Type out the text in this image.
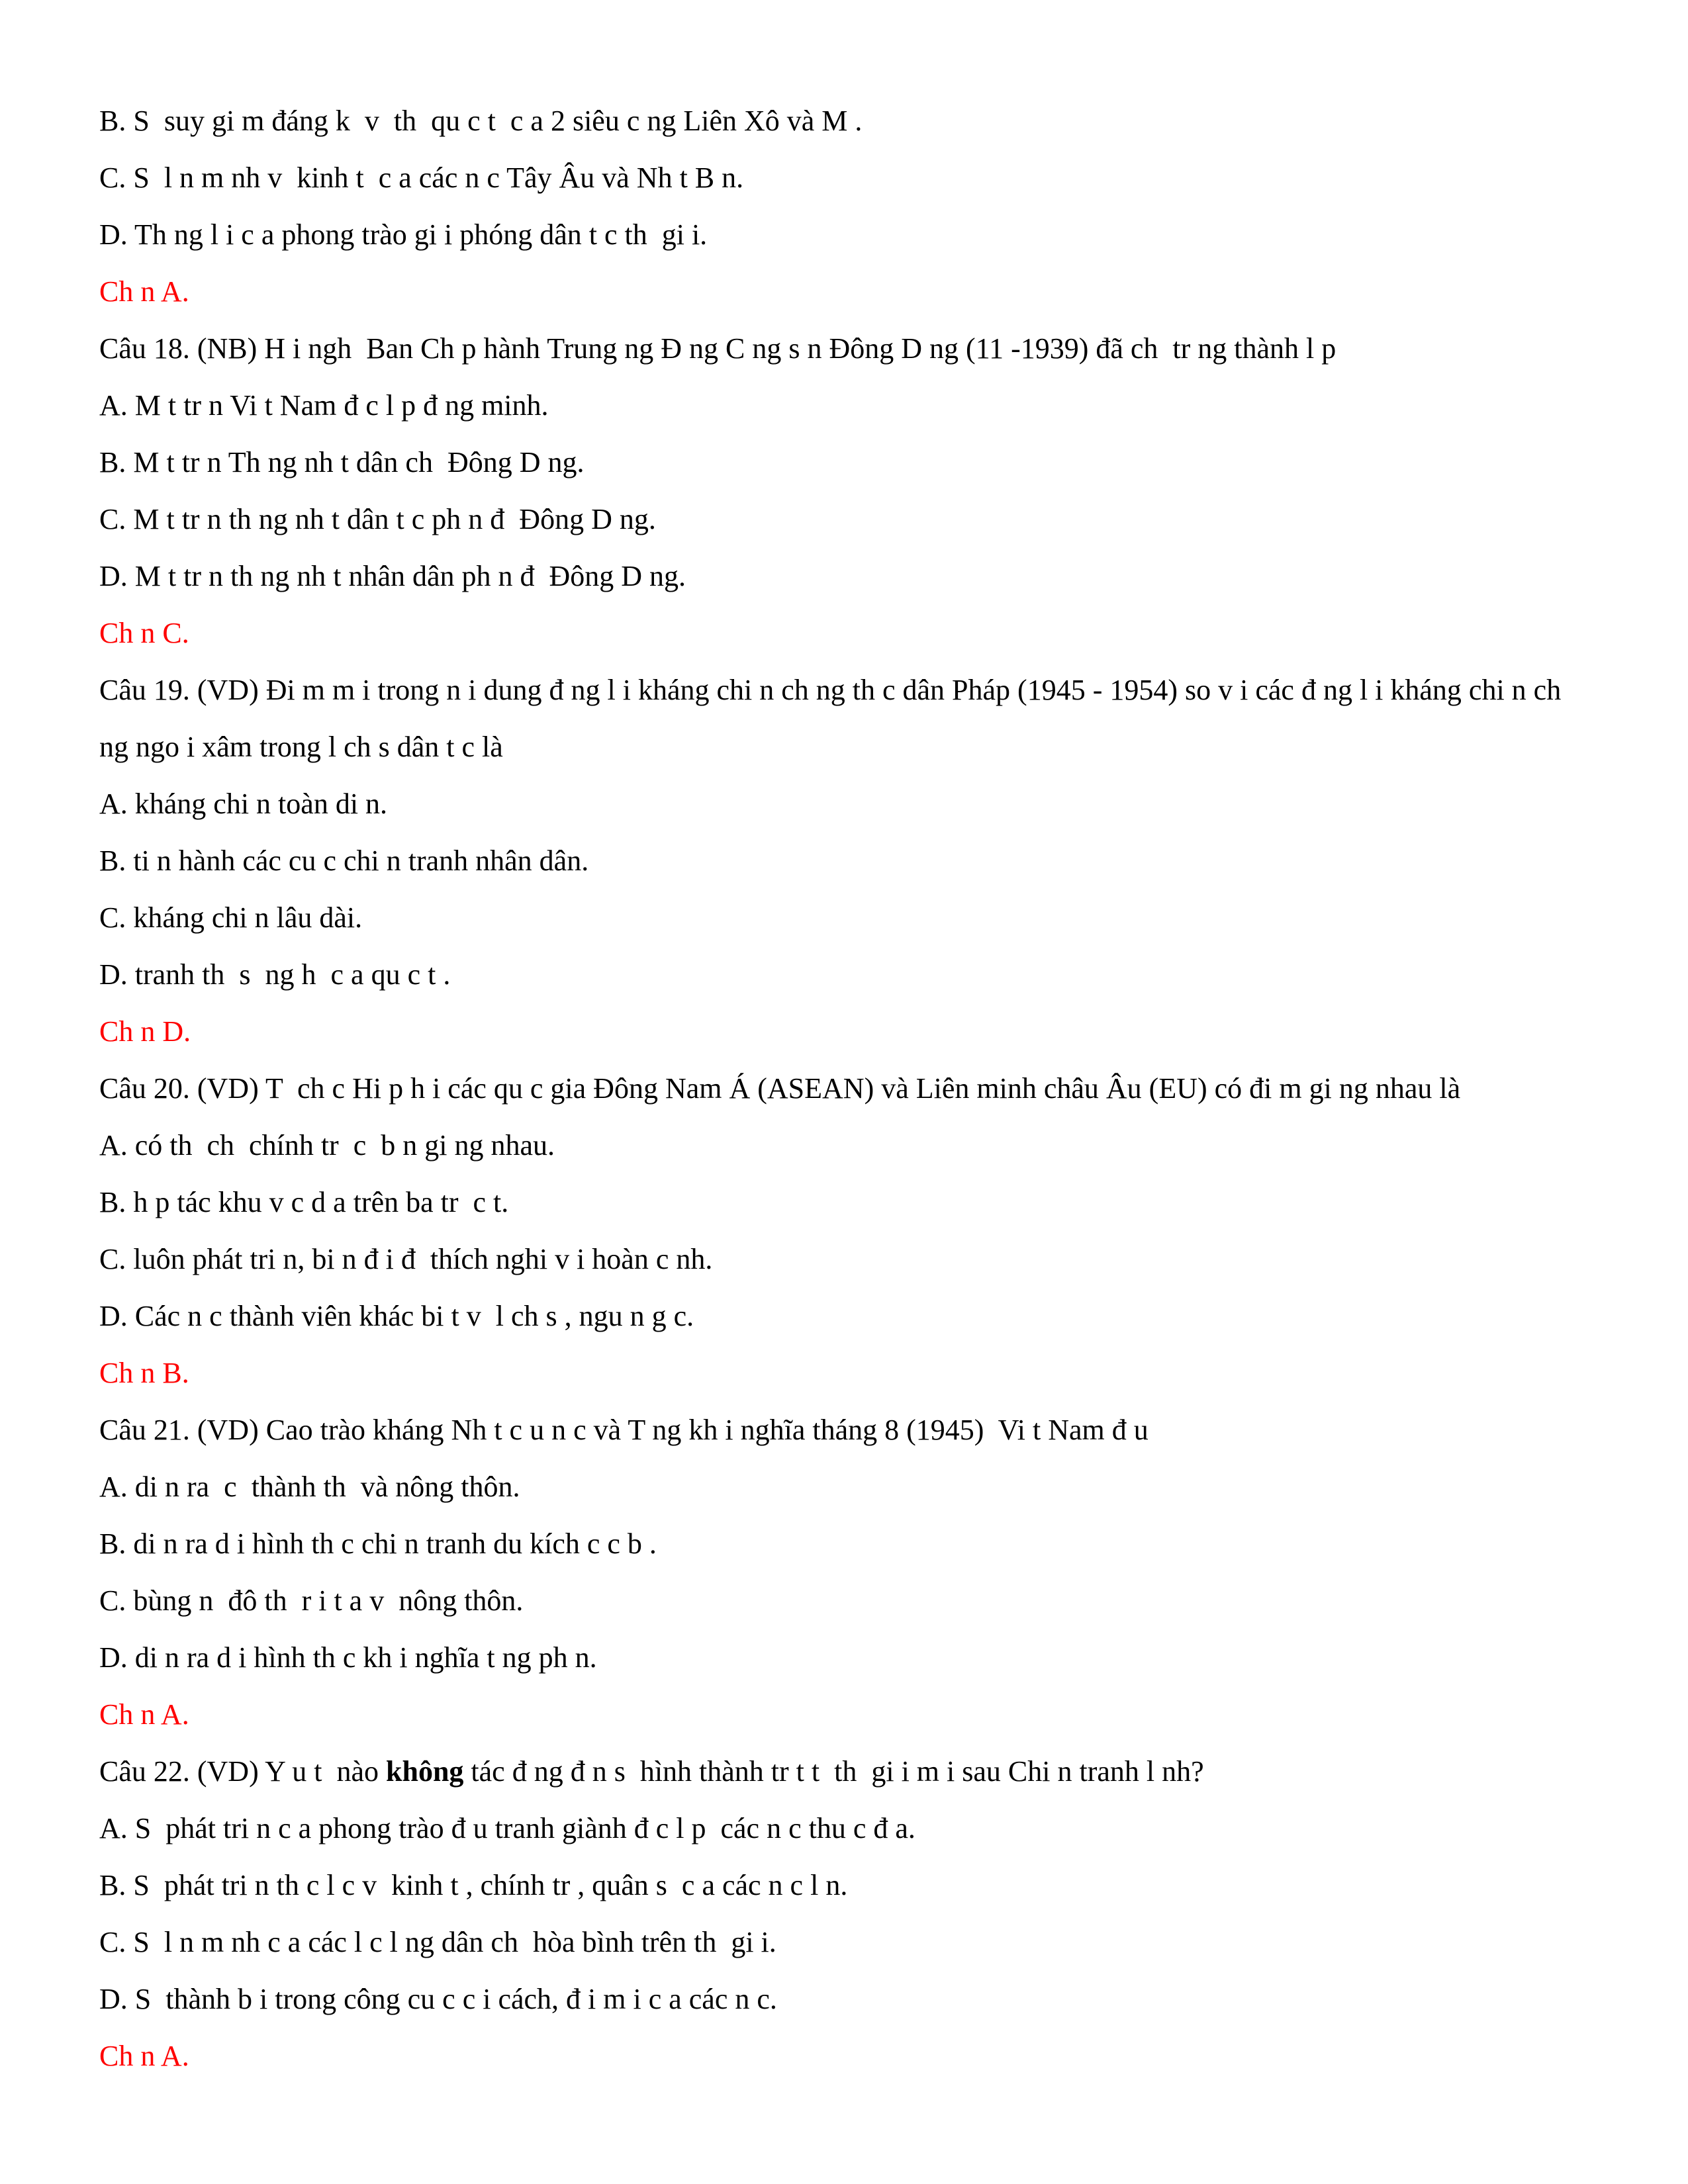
B. S  suy gi m đáng k  v  th  qu c t  c a 2 siêu c ng Liên Xô và M .
C. S  l n m nh v  kinh t  c a các n c Tây Âu và Nh t B n.
D. Th ng l i c a phong trào gi i phóng dân t c th  gi i.
Ch n A.
Câu 18. (NB) H i ngh  Ban Ch p hành Trung ng Đ ng C ng s n Đông D ng (11 -1939) đã ch  tr ng thành l p
A. M t tr n Vi t Nam đ c l p đ ng minh.
B. M t tr n Th ng nh t dân ch  Đông D ng.
C. M t tr n th ng nh t dân t c ph n đ  Đông D ng.
D. M t tr n th ng nh t nhân dân ph n đ  Đông D ng.
Ch n C.
Câu 19. (VD) Đi m m i trong n i dung đ ng l i kháng chi n ch ng th c dân Pháp (1945 - 1954) so v i các đ ng l i kháng chi n ch ng ngo i xâm trong l ch s dân t c là
A. kháng chi n toàn di n.
B. ti n hành các cu c chi n tranh nhân dân.
C. kháng chi n lâu dài.
D. tranh th  s  ng h  c a qu c t .
Ch n D.
Câu 20. (VD) T  ch c Hi p h i các qu c gia Đông Nam Á (ASEAN) và Liên minh châu Âu (EU) có đi m gi ng nhau là
A. có th  ch  chính tr  c  b n gi ng nhau.
B. h p tác khu v c d a trên ba tr  c t.
C. luôn phát tri n, bi n đ i đ  thích nghi v i hoàn c nh.
D. Các n c thành viên khác bi t v  l ch s , ngu n g c.
Ch n B.
Câu 21. (VD) Cao trào kháng Nh t c u n c và T ng kh i nghĩa tháng 8 (1945)  Vi t Nam đ u
A. di n ra  c  thành th  và nông thôn.
B. di n ra d i hình th c chi n tranh du kích c c b .
C. bùng n  đô th  r i t a v  nông thôn.
D. di n ra d i hình th c kh i nghĩa t ng ph n.
Ch n A.
Câu 22. (VD) Y u t  nào không tác đ ng đ n s  hình thành tr t t  th  gi i m i sau Chi n tranh l nh?
A. S  phát tri n c a phong trào đ u tranh giành đ c l p  các n c thu c đ a.
B. S  phát tri n th c l c v  kinh t , chính tr , quân s  c a các n c l n.
C. S  l n m nh c a các l c l ng dân ch  hòa bình trên th  gi i.
D. S  thành b i trong công cu c c i cách, đ i m i c a các n c.
Ch n A.
